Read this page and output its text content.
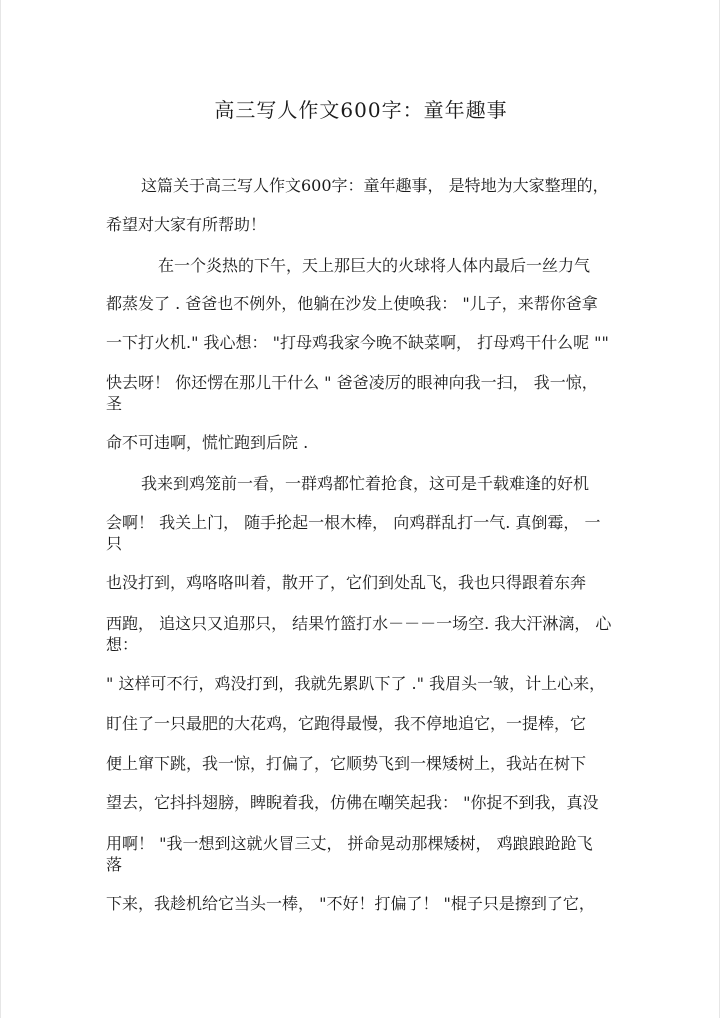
高三写人作文600字：童年趣事

这篇关于高三写人作文600字：童年趣事， 是特地为大家整理的，

希望对大家有所帮助！

在一个炎热的下午，天上那巨大的火球将人体内最后一丝力气

都蒸发了 . 爸爸也不例外，他躺在沙发上使唤我： "儿子，来帮你爸拿

一下打火机." 我心想： "打母鸡我家今晚不缺菜啊， 打母鸡干什么呢 ""

快去呀！ 你还愣在那儿干什么 " 爸爸凌厉的眼神向我一扫， 我一惊，

圣

命不可违啊，慌忙跑到后院 .

我来到鸡笼前一看，一群鸡都忙着抢食，这可是千载难逢的好机

会啊！ 我关上门， 随手抡起一根木棒， 向鸡群乱打一气. 真倒霉， 一

只

也没打到，鸡咯咯叫着，散开了，它们到处乱飞，我也只得跟着东奔

西跑， 追这只又追那只， 结果竹篮打水－－－一场空. 我大汗淋漓， 心

想：

" 这样可不行，鸡没打到，我就先累趴下了 ." 我眉头一皱，计上心来，

盯住了一只最肥的大花鸡，它跑得最慢，我不停地追它，一提棒，它

便上窜下跳，我一惊，打偏了，它顺势飞到一棵矮树上，我站在树下

望去，它抖抖翅膀，睥睨着我，仿佛在嘲笑起我： "你捉不到我，真没

用啊！ "我一想到这就火冒三丈， 拼命晃动那棵矮树， 鸡踉踉跄跄飞

落

下来，我趁机给它当头一棒， "不好！打偏了！ "棍子只是擦到了它，
